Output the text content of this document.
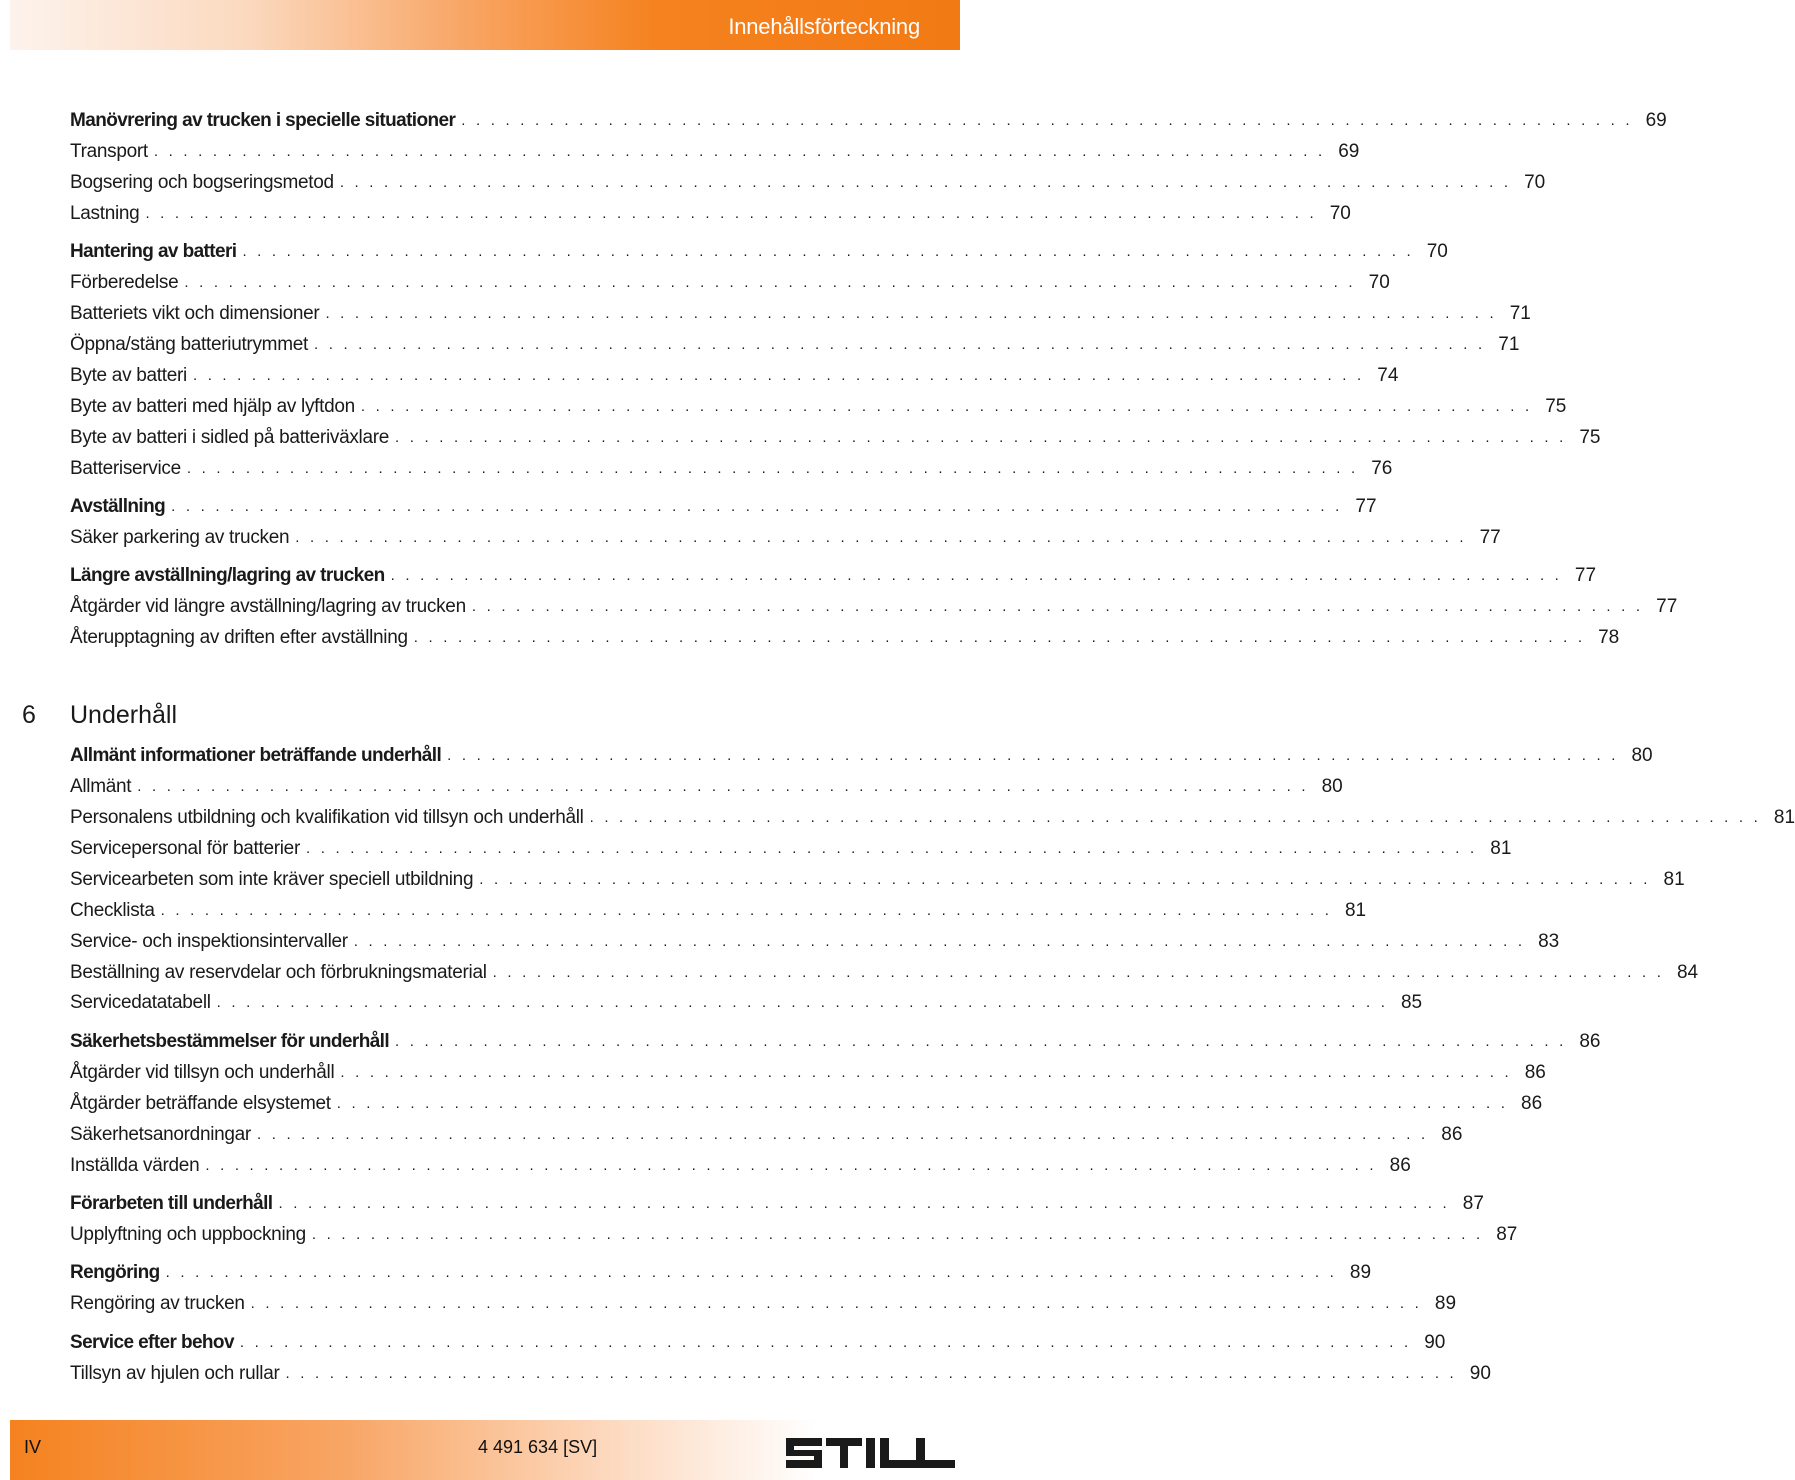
Innehållsförteckning
Manövrering av trucken i specielle situationer . . . . . . . . . . . . . . . . . . . . . . . . . . . . . . . . . . . . . . . . . . . . . . . . . . . . . . . . . . . . . . . . . . . . . . . . . . . . . . . . 69
Transport . . . . . . . . . . . . . . . . . . . . . . . . . . . . . . . . . . . . . . . . . . . . . . . . . . . . . . . . . . . . . . . . . . . . . . . . . . . . . . . . 69
Bogsering och bogseringsmetod . . . . . . . . . . . . . . . . . . . . . . . . . . . . . . . . . . . . . . . . . . . . . . . . . . . . . . . . . . . . . . . . . . . . . . . . . . . . . . . . 70
Lastning . . . . . . . . . . . . . . . . . . . . . . . . . . . . . . . . . . . . . . . . . . . . . . . . . . . . . . . . . . . . . . . . . . . . . . . . . . . . . . . . 70
Hantering av batteri . . . . . . . . . . . . . . . . . . . . . . . . . . . . . . . . . . . . . . . . . . . . . . . . . . . . . . . . . . . . . . . . . . . . . . . . . . . . . . . . 70
Förberedelse . . . . . . . . . . . . . . . . . . . . . . . . . . . . . . . . . . . . . . . . . . . . . . . . . . . . . . . . . . . . . . . . . . . . . . . . . . . . . . . . 70
Batteriets vikt och dimensioner . . . . . . . . . . . . . . . . . . . . . . . . . . . . . . . . . . . . . . . . . . . . . . . . . . . . . . . . . . . . . . . . . . . . . . . . . . . . . . . . 71
Öppna/stäng batteriutrymmet . . . . . . . . . . . . . . . . . . . . . . . . . . . . . . . . . . . . . . . . . . . . . . . . . . . . . . . . . . . . . . . . . . . . . . . . . . . . . . . . 71
Byte av batteri . . . . . . . . . . . . . . . . . . . . . . . . . . . . . . . . . . . . . . . . . . . . . . . . . . . . . . . . . . . . . . . . . . . . . . . . . . . . . . . . 74
Byte av batteri med hjälp av lyftdon . . . . . . . . . . . . . . . . . . . . . . . . . . . . . . . . . . . . . . . . . . . . . . . . . . . . . . . . . . . . . . . . . . . . . . . . . . . . . . . . 75
Byte av batteri i sidled på batteriväxlare . . . . . . . . . . . . . . . . . . . . . . . . . . . . . . . . . . . . . . . . . . . . . . . . . . . . . . . . . . . . . . . . . . . . . . . . . . . . . . . . 75
Batteriservice . . . . . . . . . . . . . . . . . . . . . . . . . . . . . . . . . . . . . . . . . . . . . . . . . . . . . . . . . . . . . . . . . . . . . . . . . . . . . . . . 76
Avställning . . . . . . . . . . . . . . . . . . . . . . . . . . . . . . . . . . . . . . . . . . . . . . . . . . . . . . . . . . . . . . . . . . . . . . . . . . . . . . . . 77
Säker parkering av trucken . . . . . . . . . . . . . . . . . . . . . . . . . . . . . . . . . . . . . . . . . . . . . . . . . . . . . . . . . . . . . . . . . . . . . . . . . . . . . . . . 77
Längre avställning/lagring av trucken . . . . . . . . . . . . . . . . . . . . . . . . . . . . . . . . . . . . . . . . . . . . . . . . . . . . . . . . . . . . . . . . . . . . . . . . . . . . . . . . 77
Åtgärder vid längre avställning/lagring av trucken . . . . . . . . . . . . . . . . . . . . . . . . . . . . . . . . . . . . . . . . . . . . . . . . . . . . . . . . . . . . . . . . . . . . . . . . . . . . . . . . 77
Återupptagning av driften efter avställning . . . . . . . . . . . . . . . . . . . . . . . . . . . . . . . . . . . . . . . . . . . . . . . . . . . . . . . . . . . . . . . . . . . . . . . . . . . . . . . . 78
Allmänt informationer beträffande underhåll . . . . . . . . . . . . . . . . . . . . . . . . . . . . . . . . . . . . . . . . . . . . . . . . . . . . . . . . . . . . . . . . . . . . . . . . . . . . . . . . 80
Allmänt . . . . . . . . . . . . . . . . . . . . . . . . . . . . . . . . . . . . . . . . . . . . . . . . . . . . . . . . . . . . . . . . . . . . . . . . . . . . . . . . 80
Personalens utbildning och kvalifikation vid tillsyn och underhåll . . . . . . . . . . . . . . . . . . . . . . . . . . . . . . . . . . . . . . . . . . . . . . . . . . . . . . . . . . . . . . . . . . . . . . . . . . . . . . . . 81
Servicepersonal för batterier . . . . . . . . . . . . . . . . . . . . . . . . . . . . . . . . . . . . . . . . . . . . . . . . . . . . . . . . . . . . . . . . . . . . . . . . . . . . . . . . 81
Servicearbeten som inte kräver speciell utbildning . . . . . . . . . . . . . . . . . . . . . . . . . . . . . . . . . . . . . . . . . . . . . . . . . . . . . . . . . . . . . . . . . . . . . . . . . . . . . . . . 81
Checklista . . . . . . . . . . . . . . . . . . . . . . . . . . . . . . . . . . . . . . . . . . . . . . . . . . . . . . . . . . . . . . . . . . . . . . . . . . . . . . . . 81
Service- och inspektionsintervaller . . . . . . . . . . . . . . . . . . . . . . . . . . . . . . . . . . . . . . . . . . . . . . . . . . . . . . . . . . . . . . . . . . . . . . . . . . . . . . . . 83
Beställning av reservdelar och förbrukningsmaterial . . . . . . . . . . . . . . . . . . . . . . . . . . . . . . . . . . . . . . . . . . . . . . . . . . . . . . . . . . . . . . . . . . . . . . . . . . . . . . . . 84
Servicedatatabell . . . . . . . . . . . . . . . . . . . . . . . . . . . . . . . . . . . . . . . . . . . . . . . . . . . . . . . . . . . . . . . . . . . . . . . . . . . . . . . . 85
Säkerhetsbestämmelser för underhåll . . . . . . . . . . . . . . . . . . . . . . . . . . . . . . . . . . . . . . . . . . . . . . . . . . . . . . . . . . . . . . . . . . . . . . . . . . . . . . . . 86
Åtgärder vid tillsyn och underhåll . . . . . . . . . . . . . . . . . . . . . . . . . . . . . . . . . . . . . . . . . . . . . . . . . . . . . . . . . . . . . . . . . . . . . . . . . . . . . . . . 86
Åtgärder beträffande elsystemet . . . . . . . . . . . . . . . . . . . . . . . . . . . . . . . . . . . . . . . . . . . . . . . . . . . . . . . . . . . . . . . . . . . . . . . . . . . . . . . . 86
Säkerhetsanordningar . . . . . . . . . . . . . . . . . . . . . . . . . . . . . . . . . . . . . . . . . . . . . . . . . . . . . . . . . . . . . . . . . . . . . . . . . . . . . . . . 86
Inställda värden . . . . . . . . . . . . . . . . . . . . . . . . . . . . . . . . . . . . . . . . . . . . . . . . . . . . . . . . . . . . . . . . . . . . . . . . . . . . . . . . 86
Förarbeten till underhåll . . . . . . . . . . . . . . . . . . . . . . . . . . . . . . . . . . . . . . . . . . . . . . . . . . . . . . . . . . . . . . . . . . . . . . . . . . . . . . . . 87
Upplyftning och uppbockning . . . . . . . . . . . . . . . . . . . . . . . . . . . . . . . . . . . . . . . . . . . . . . . . . . . . . . . . . . . . . . . . . . . . . . . . . . . . . . . . 87
Rengöring . . . . . . . . . . . . . . . . . . . . . . . . . . . . . . . . . . . . . . . . . . . . . . . . . . . . . . . . . . . . . . . . . . . . . . . . . . . . . . . . 89
Rengöring av trucken . . . . . . . . . . . . . . . . . . . . . . . . . . . . . . . . . . . . . . . . . . . . . . . . . . . . . . . . . . . . . . . . . . . . . . . . . . . . . . . . 89
Service efter behov . . . . . . . . . . . . . . . . . . . . . . . . . . . . . . . . . . . . . . . . . . . . . . . . . . . . . . . . . . . . . . . . . . . . . . . . . . . . . . . . 90
Tillsyn av hjulen och rullar . . . . . . . . . . . . . . . . . . . . . . . . . . . . . . . . . . . . . . . . . . . . . . . . . . . . . . . . . . . . . . . . . . . . . . . . . . . . . . . . 90
6	Underhåll
IV	4 491 634 [SV]
STILL
